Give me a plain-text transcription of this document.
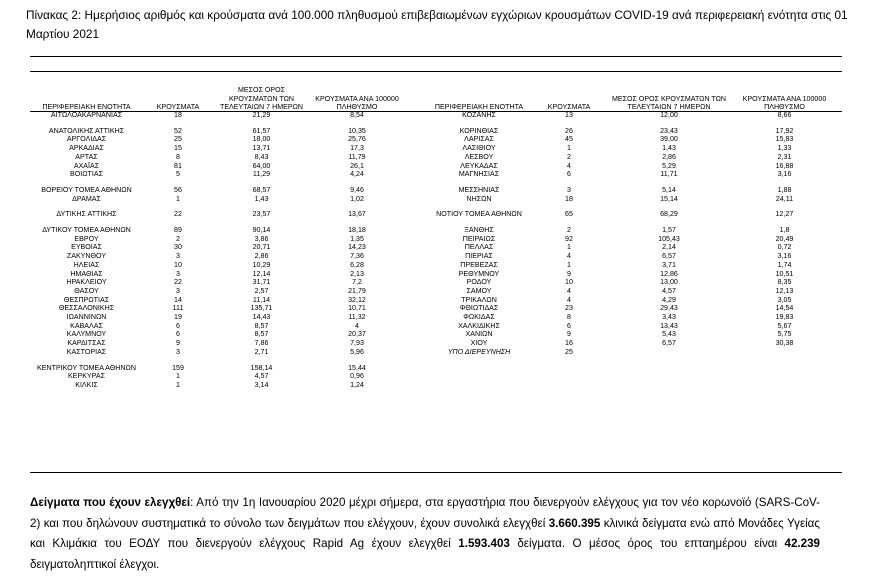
Πίνακας 2: Ημερήσιος αριθμός και κρούσματα ανά 100.000 πληθυσμού επιβεβαιωμένων εγχώριων κρουσμάτων COVID-19 ανά περιφερειακή ενότητα στις 01 Μαρτίου 2021
ΠΕΡΙΦΕΡΕΙΑΚΗ ΕΝΟΤΗΤΑ	ΚΡΟΥΣΜΑΤΑ	ΜΕΣΟΣ ΟΡΟΣ ΚΡΟΥΣΜΑΤΩΝ ΤΩΝ ΤΕΛΕΥΤΑΙΩΝ 7 ΗΜΕΡΩΝ	ΚΡΟΥΣΜΑΤΑ ΑΝΑ 100000 ΠΛΗΘΥΣΜΟ		ΠΕΡΙΦΕΡΕΙΑΚΗ ΕΝΟΤΗΤΑ	ΚΡΟΥΣΜΑΤΑ	ΜΕΣΟΣ ΟΡΟΣ ΚΡΟΥΣΜΑΤΩΝ ΤΩΝ ΤΕΛΕΥΤΑΙΩΝ 7 ΗΜΕΡΩΝ	ΚΡΟΥΣΜΑΤΑ ΑΝΑ 100000 ΠΛΗΘΥΣΜΟ
ΑΙΤΩΛΟΑΚΑΡΝΑΝΙΑΣ	18	21,29	8,54		ΚΟΖΑΝΗΣ	13	12,00	8,66

ΑΝΑΤΟΛΙΚΗΣ ΑΤΤΙΚΗΣ	52	61,57	10,35		ΚΟΡΙΝΘΙΑΣ	26	23,43	17,92
ΑΡΓΟΛΙΔΑΣ	25	18,00	25,76		ΛΑΡΙΣΑΣ	45	39,00	15,83
ΑΡΚΑΔΙΑΣ	15	13,71	17,3		ΛΑΣΙΘΙΟΥ	1	1,43	1,33
ΑΡΤΑΣ	8	8,43	11,79		ΛΕΣΒΟΥ	2	2,86	2,31
ΑΧΑΪΑΣ	81	64,00	26,1		ΛΕΥΚΑΔΑΣ	4	5,29	16,88
ΒΟΙΩΤΙΑΣ	5	11,29	4,24		ΜΑΓΝΗΣΙΑΣ	6	11,71	3,16

ΒΟΡΕΙΟΥ ΤΟΜΕΑ ΑΘΗΝΩΝ	56	68,57	9,46		ΜΕΣΣΗΝΙΑΣ	3	5,14	1,88
ΔΡΑΜΑΣ	1	1,43	1,02		ΝΗΣΩΝ	18	15,14	24,11

ΔΥΤΙΚΗΣ ΑΤΤΙΚΗΣ	22	23,57	13,67		ΝΟΤΙΟΥ ΤΟΜΕΑ ΑΘΗΝΩΝ	65	68,29	12,27

ΔΥΤΙΚΟΥ ΤΟΜΕΑ ΑΘΗΝΩΝ	89	90,14	18,18		ΞΑΝΘΗΣ	2	1,57	1,8
ΕΒΡΟΥ	2	3,86	1,35		ΠΕΙΡΑΙΩΣ	92	105,43	20,49
ΕΥΒΟΙΑΣ	30	20,71	14,23		ΠΕΛΛΑΣ	1	2,14	0,72
ΖΑΚΥΝΘΟΥ	3	2,86	7,36		ΠΙΕΡΙΑΣ	4	6,57	3,16
ΗΛΕΙΑΣ	10	10,29	6,28		ΠΡΕΒΕΖΑΣ	1	3,71	1,74
ΗΜΑΘΙΑΣ	3	12,14	2,13		ΡΕΘΥΜΝΟΥ	9	12,86	10,51
ΗΡΑΚΛΕΙΟΥ	22	31,71	7,2		ΡΟΔΟΥ	10	13,00	8,35
ΘΑΣΟΥ	3	2,57	21,79		ΣΑΜΟΥ	4	4,57	12,13
ΘΕΣΠΡΩΤΙΑΣ	14	11,14	32,12		ΤΡΙΚΑΛΩΝ	4	4,29	3,05
ΘΕΣΣΑΛΟΝΙΚΗΣ	111	135,71	10,71		ΦΘΙΩΤΙΔΑΣ	23	29,43	14,54
ΙΩΑΝΝΙΝΩΝ	19	14,43	11,32		ΦΩΚΙΔΑΣ	8	3,43	19,83
ΚΑΒΑΛΑΣ	6	8,57	4		ΧΑΛΚΙΔΙΚΗΣ	6	13,43	5,67
ΚΑΛΥΜΝΟΥ	6	8,57	20,37		ΧΑΝΙΩΝ	9	5,43	5,75
ΚΑΡΔΙΤΣΑΣ	9	7,86	7,93		ΧΙΟΥ	16	6,57	30,38
ΚΑΣΤΟΡΙΑΣ	3	2,71	5,96		ΥΠΟ ΔΙΕΡΕΥΝΗΣΗ	25		

ΚΕΝΤΡΙΚΟΥ ΤΟΜΕΑ ΑΘΗΝΩΝ	159	158,14	15,44					
ΚΕΡΚΥΡΑΣ	1	4,57	0,96					
ΚΙΛΚΙΣ	1	3,14	1,24					

Δείγματα που έχουν ελεγχθεί: Από την 1η Ιανουαρίου 2020 μέχρι σήμερα, στα εργαστήρια που διενεργούν ελέγχους για τον νέο κορωνοϊό (SARS-CoV-2) και που δηλώνουν συστηματικά το σύνολο των δειγμάτων που ελέγχουν, έχουν συνολικά ελεγχθεί 3.660.395 κλινικά δείγματα ενώ από Μονάδες Υγείας και Κλιμάκια του ΕΟΔΥ που διενεργούν ελέγχους Rapid Ag έχουν ελεγχθεί 1.593.403 δείγματα. Ο μέσος όρος του επταημέρου είναι 42.239 δειγματοληπτικοί έλεγχοι.
